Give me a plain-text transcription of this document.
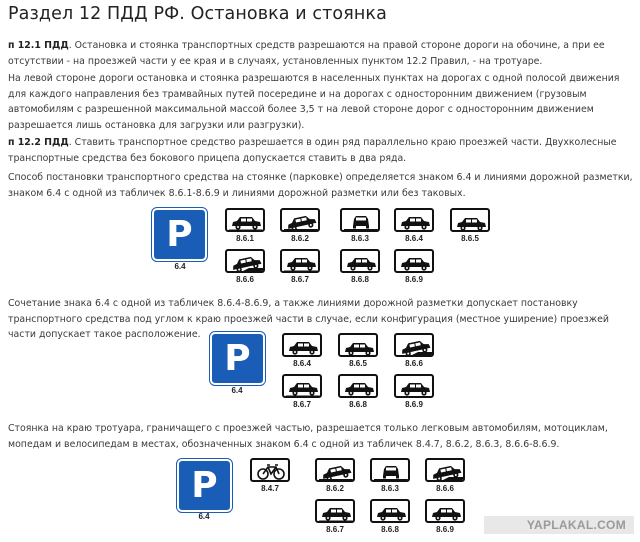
Раздел 12 ПДД РФ. Остановка и стоянка
п 12.1 ПДД. Остановка и стоянка транспортных средств разрешаются на правой стороне дороги на обочине, а при ее отсутствии - на проезжей части у ее края и в случаях, установленных пунктом 12.2 Правил, - на тротуаре.
На левой стороне дороги остановка и стоянка разрешаются в населенных пунктах на дорогах с одной полосой движения для каждого направления без трамвайных путей посередине и на дорогах с односторонним движением (грузовым автомобилям с разрешенной максимальной массой более 3,5 т на левой стороне дорог с односторонним движением разрешается лишь остановка для загрузки или разгрузки).
п 12.2 ПДД. Ставить транспортное средство разрешается в один ряд параллельно краю проезжей части. Двухколесные транспортные средства без бокового прицепа допускается ставить в два ряда.
Способ постановки транспортного средства на стоянке (парковке) определяется знаком 6.4 и линиями дорожной разметки, знаком 6.4 с одной из табличек 8.6.1-8.6.9 и линиями дорожной разметки или без таковых.
P
6.4
8.6.1	8.6.2	8.6.3	8.6.4	8.6.5
8.6.6	8.6.7	8.6.8	8.6.9
Сочетание знака 6.4 с одной из табличек 8.6.4-8.6.9, а также линиями дорожной разметки допускает постановку транспортного средства под углом к краю проезжей части в случае, если конфигурация (местное уширение) проезжей части допускает такое расположение.
P
6.4
8.6.4	8.6.5	8.6.6
8.6.7	8.6.8	8.6.9
Стоянка на краю тротуара, граничащего с проезжей частью, разрешается только легковым автомобилям, мотоциклам, мопедам и велосипедам в местах, обозначенных знаком 6.4 с одной из табличек 8.4.7, 8.6.2, 8.6.3, 8.6.6-8.6.9.
P
6.4
8.4.7	8.6.2	8.6.3	8.6.6
8.6.7	8.6.8	8.6.9	YAPLAKAL.COM
